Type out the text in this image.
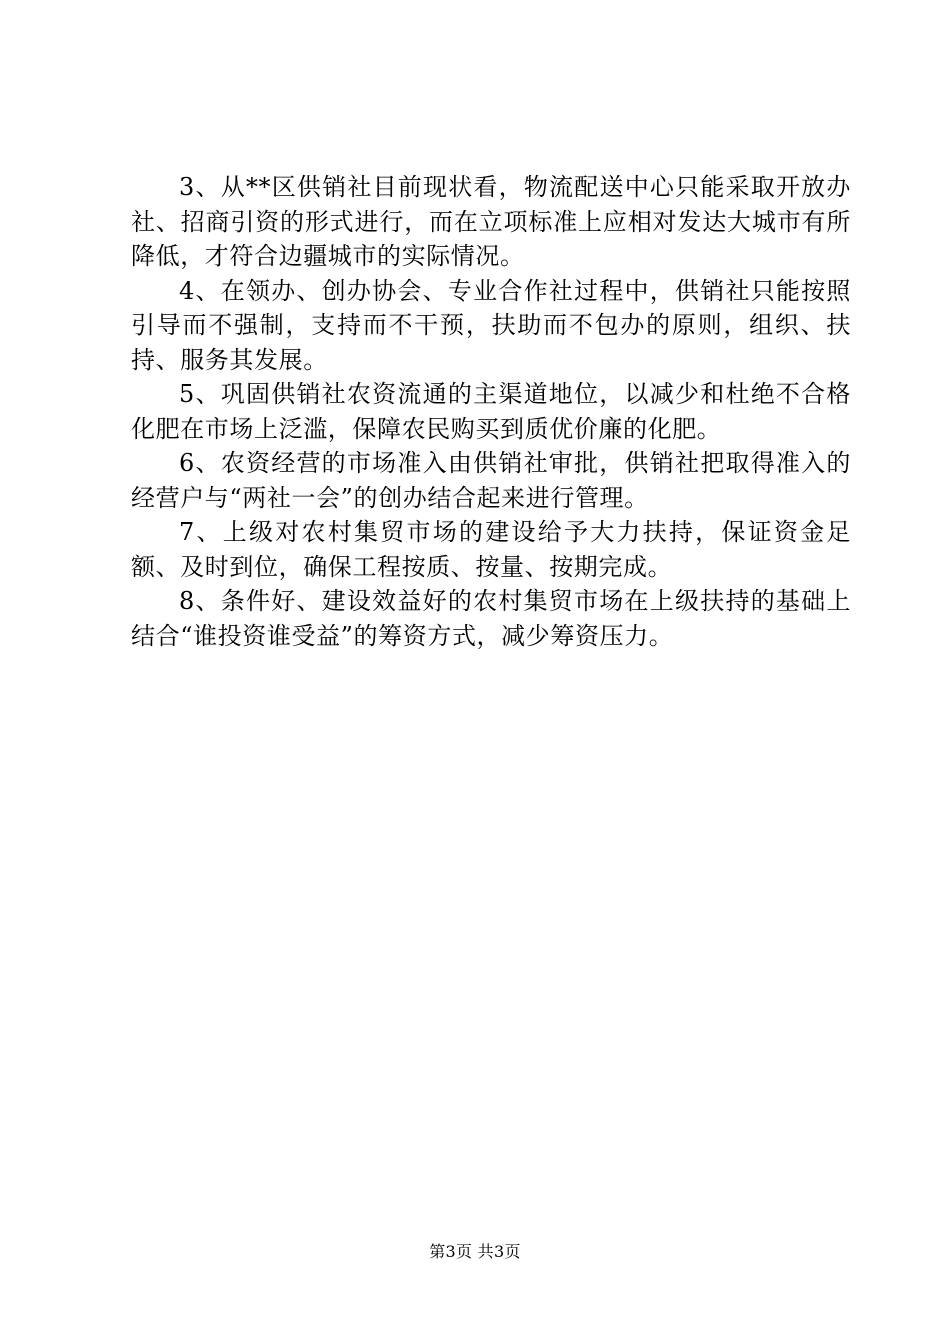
3、从**区供销社目前现状看，物流配送中心只能采取开放办社、招商引资的形式进行，而在立项标准上应相对发达大城市有所降低，才符合边疆城市的实际情况。

4、在领办、创办协会、专业合作社过程中，供销社只能按照引导而不强制，支持而不干预，扶助而不包办的原则，组织、扶持、服务其发展。

5、巩固供销社农资流通的主渠道地位，以减少和杜绝不合格化肥在市场上泛滥，保障农民购买到质优价廉的化肥。

6、农资经营的市场准入由供销社审批，供销社把取得准入的经营户与“两社一会”的创办结合起来进行管理。

7、上级对农村集贸市场的建设给予大力扶持，保证资金足额、及时到位，确保工程按质、按量、按期完成。

8、条件好、建设效益好的农村集贸市场在上级扶持的基础上结合“谁投资谁受益”的筹资方式，减少筹资压力。

第3页 共3页
